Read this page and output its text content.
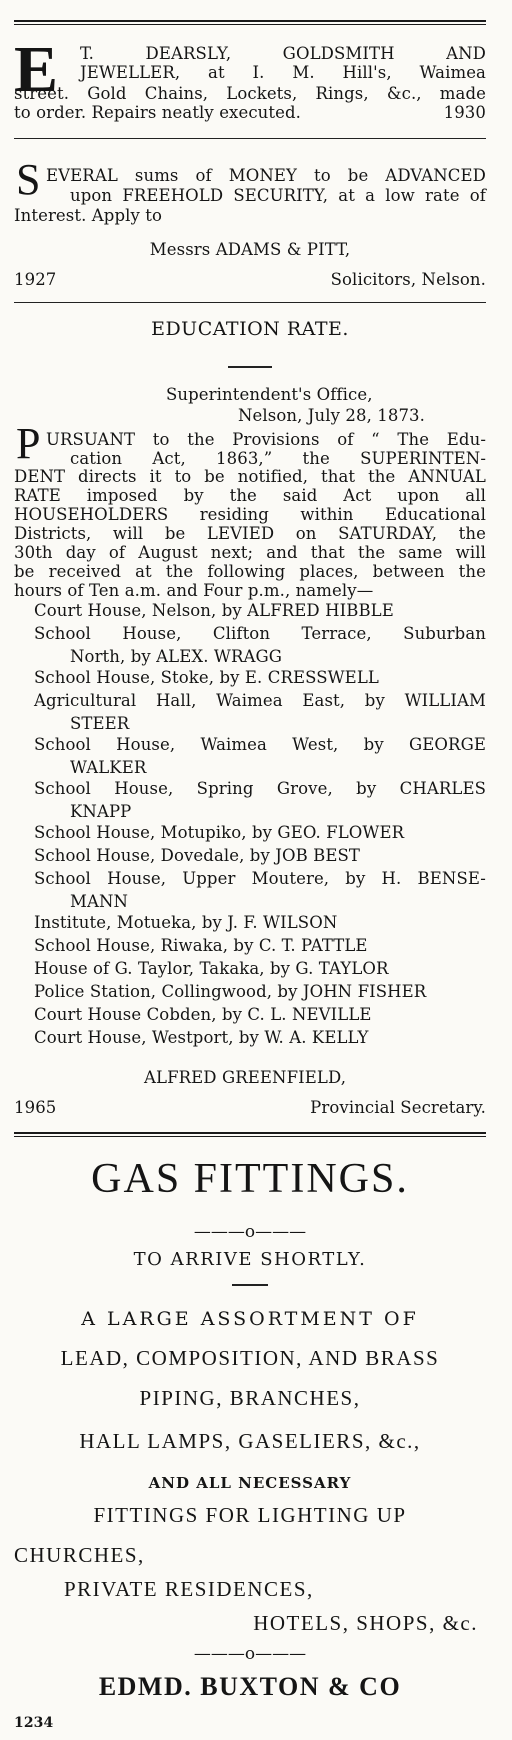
E T. DEARSLY, GOLDSMITH AND
JEWELLER, at I. M. Hill's, Waimea
street. Gold Chains, Lockets, Rings, &c., made
to order. Repairs neatly executed.	1930
S EVERAL sums of MONEY to be ADVANCED
upon FREEHOLD SECURITY, at a low rate of
Interest. Apply to
Messrs ADAMS & PITT,
1927	Solicitors, Nelson.
EDUCATION RATE.
Superintendent's Office,
Nelson, July 28, 1873.
P URSUANT to the Provisions of “ The Edu-
cation Act, 1863,” the SUPERINTEN-
DENT directs it to be notified, that the ANNUAL
RATE imposed by the said Act upon all
HOUSEHOLDERS residing within Educational
Districts, will be LEVIED on SATURDAY, the
30th day of August next; and that the same will
be received at the following places, between the
hours of Ten a.m. and Four p.m., namely—
Court House, Nelson, by ALFRED HIBBLE
School House, Clifton Terrace, Suburban
North, by ALEX. WRAGG
School House, Stoke, by E. CRESSWELL
Agricultural Hall, Waimea East, by WILLIAM
STEER
School House, Waimea West, by GEORGE
WALKER
School House, Spring Grove, by CHARLES
KNAPP
School House, Motupiko, by GEO. FLOWER
School House, Dovedale, by JOB BEST
School House, Upper Moutere, by H. BENSE-
MANN
Institute, Motueka, by J. F. WILSON
School House, Riwaka, by C. T. PATTLE
House of G. Taylor, Takaka, by G. TAYLOR
Police Station, Collingwood, by JOHN FISHER
Court House Cobden, by C. L. NEVILLE
Court House, Westport, by W. A. KELLY
ALFRED GREENFIELD,
1965	Provincial Secretary.
GAS FITTINGS.
———o———
TO ARRIVE SHORTLY.
A LARGE ASSORTMENT OF
LEAD, COMPOSITION, AND BRASS
PIPING, BRANCHES,
HALL LAMPS, GASELIERS, &c.,
AND ALL NECESSARY
FITTINGS FOR LIGHTING UP
CHURCHES,
PRIVATE RESIDENCES,
HOTELS, SHOPS, &c.
———o———
EDMD. BUXTON & CO
1234
